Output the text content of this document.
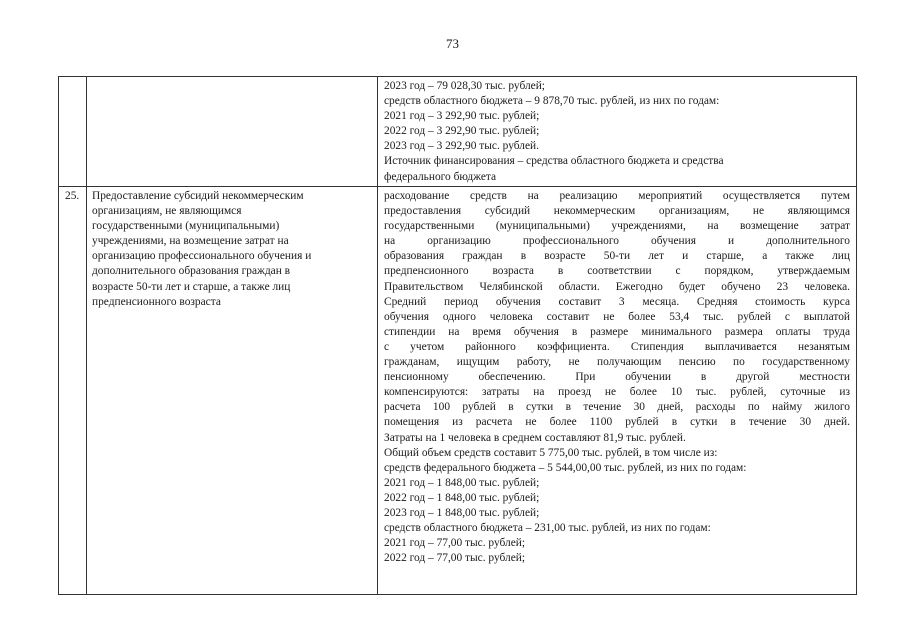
73
2023 год – 79 028,30 тыс. рублей;
средств областного бюджета – 9 878,70 тыс. рублей, из них по годам:
2021 год – 3 292,90 тыс. рублей;
2022 год – 3 292,90 тыс. рублей;
2023 год – 3 292,90 тыс. рублей.
Источник финансирования – средства областного бюджета и средства
федерального бюджета
25. Предоставление субсидий некоммерческим
организациям, не являющимся
государственными (муниципальными)
учреждениями, на возмещение затрат на
организацию профессионального обучения и
дополнительного образования граждан в
возрасте 50-ти лет и старше, а также лиц
предпенсионного возраста
расходование средств на реализацию мероприятий осуществляется путем
предоставления субсидий некоммерческим организациям, не являющимся
государственными (муниципальными) учреждениями, на возмещение затрат
на организацию профессионального обучения и дополнительного
образования граждан в возрасте 50-ти лет и старше, а также лиц
предпенсионного возраста в соответствии с порядком, утверждаемым
Правительством Челябинской области. Ежегодно будет обучено 23 человека.
Средний период обучения составит 3 месяца. Средняя стоимость курса
обучения одного человека составит не более 53,4 тыс. рублей с выплатой
стипендии на время обучения в размере минимального размера оплаты труда
с учетом районного коэффициента. Стипендия выплачивается незанятым
гражданам, ищущим работу, не получающим пенсию по государственному
пенсионному обеспечению. При обучении в другой местности
компенсируются: затраты на проезд не более 10 тыс. рублей, суточные из
расчета 100 рублей в сутки в течение 30 дней, расходы по найму жилого
помещения из расчета не более 1100 рублей в сутки в течение 30 дней.
Затраты на 1 человека в среднем составляют 81,9 тыс. рублей.
Общий объем средств составит 5 775,00 тыс. рублей, в том числе из:
средств федерального бюджета – 5 544,00,00 тыс. рублей, из них по годам:
2021 год – 1 848,00 тыс. рублей;
2022 год – 1 848,00 тыс. рублей;
2023 год – 1 848,00 тыс. рублей;
средств областного бюджета – 231,00 тыс. рублей, из них по годам:
2021 год – 77,00 тыс. рублей;
2022 год – 77,00 тыс. рублей;
